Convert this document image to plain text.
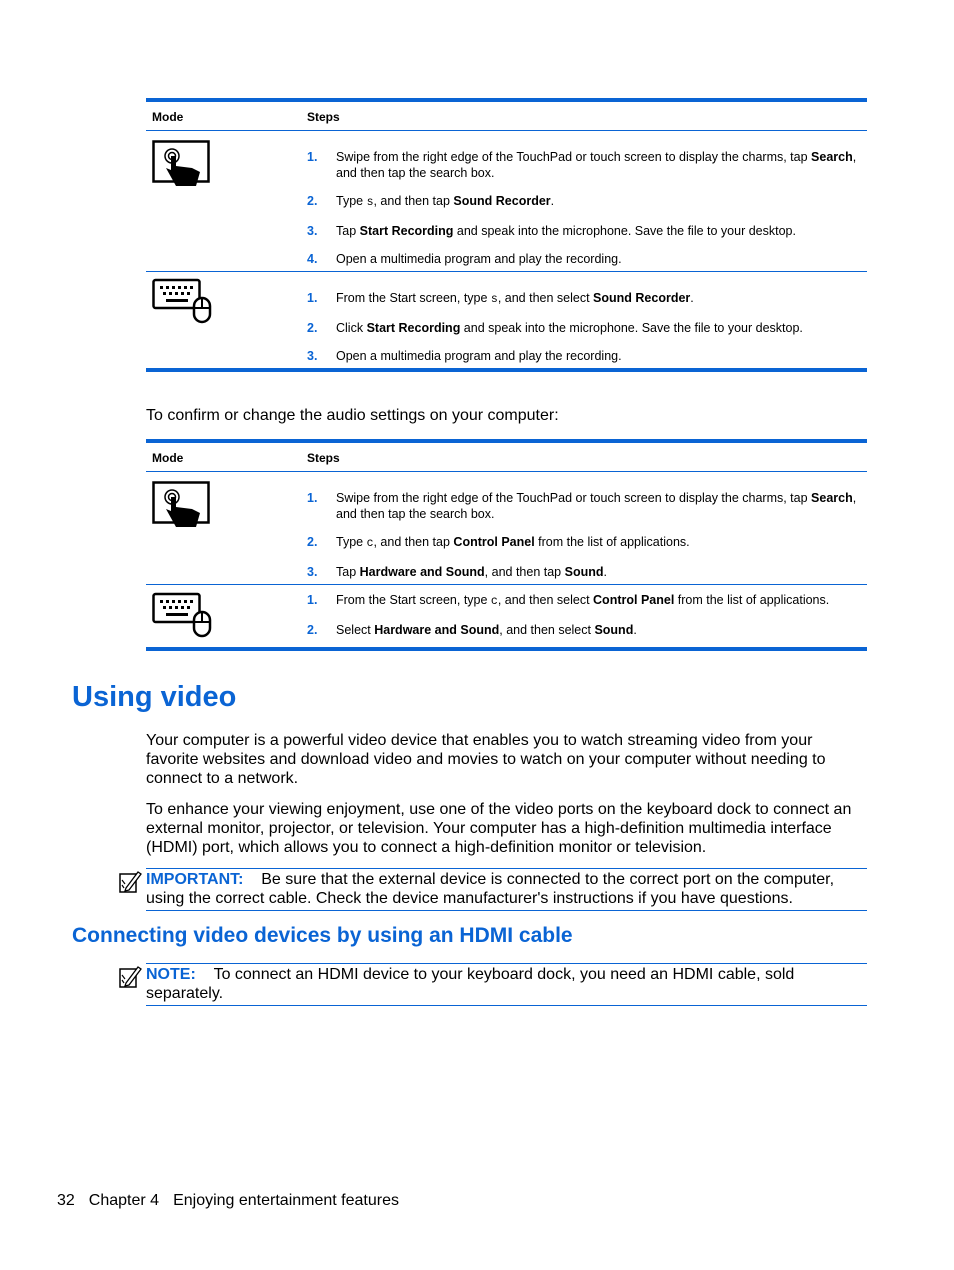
Mode	Steps
1. Swipe from the right edge of the TouchPad or touch screen to display the charms, tap Search, and then tap the search box.
2. Type s, and then tap Sound Recorder.
3. Tap Start Recording and speak into the microphone. Save the file to your desktop.
4. Open a multimedia program and play the recording.
1. From the Start screen, type s, and then select Sound Recorder.
2. Click Start Recording and speak into the microphone. Save the file to your desktop.
3. Open a multimedia program and play the recording.

To confirm or change the audio settings on your computer:

Mode	Steps
1. Swipe from the right edge of the TouchPad or touch screen to display the charms, tap Search, and then tap the search box.
2. Type c, and then tap Control Panel from the list of applications.
3. Tap Hardware and Sound, and then tap Sound.
1. From the Start screen, type c, and then select Control Panel from the list of applications.
2. Select Hardware and Sound, and then select Sound.
Using video

Your computer is a powerful video device that enables you to watch streaming video from your favorite websites and download video and movies to watch on your computer without needing to connect to a network.

To enhance your viewing enjoyment, use one of the video ports on the keyboard dock to connect an external monitor, projector, or television. Your computer has a high-definition multimedia interface (HDMI) port, which allows you to connect a high-definition monitor or television.

IMPORTANT: Be sure that the external device is connected to the correct port on the computer, using the correct cable. Check the device manufacturer's instructions if you have questions.
Connecting video devices by using an HDMI cable
NOTE: To connect an HDMI device to your keyboard dock, you need an HDMI cable, sold separately.
32 Chapter 4 Enjoying entertainment features
